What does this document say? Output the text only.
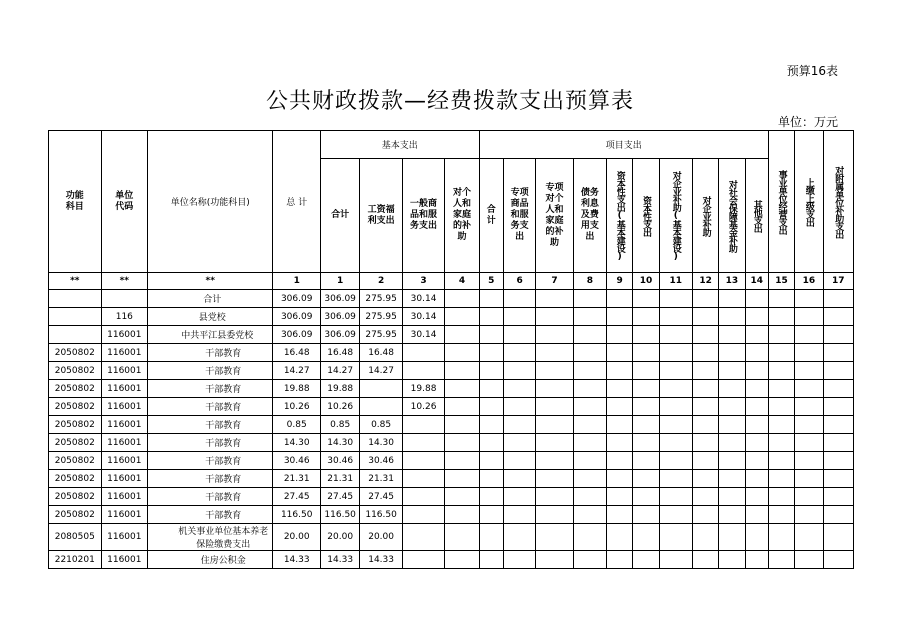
预算16表
公共财政拨款—经费拨款支出预算表
单位：万元
功能科目	单位代码	单位名称(功能科目)	总 计	基本支出				项目支出										事业单位经营支出	上缴上级支出	对附属单位补助支出

				合计	工资福利支出	一般商品和服务支出	对个人和家庭的补助	合计	专项商品和服务支出	专项对个人和家庭的补助	债务利息及费用支出	资本性支出(基本建设)	资本性支出	对企业补助(基本建设)	对企业补助	对社会保障基金补助	其他支出			

**	**	**	1	1	2	3	4	5	6	7	8	9	10	11	12	13	14	15	16	17
		合计	306.09	306.09	275.95	30.14														
	116	县党校	306.09	306.09	275.95	30.14														
	116001	中共平江县委党校	306.09	306.09	275.95	30.14														
2050802	116001	干部教育	16.48	16.48	16.48															
2050802	116001	干部教育	14.27	14.27	14.27															
2050802	116001	干部教育	19.88	19.88		19.88														
2050802	116001	干部教育	10.26	10.26		10.26														
2050802	116001	干部教育	0.85	0.85	0.85															
2050802	116001	干部教育	14.30	14.30	14.30															
2050802	116001	干部教育	30.46	30.46	30.46															
2050802	116001	干部教育	21.31	21.31	21.31															
2050802	116001	干部教育	27.45	27.45	27.45															
2050802	116001	干部教育	116.50	116.50	116.50															
2080505	116001	机关事业单位基本养老保险缴费支出	20.00	20.00	20.00															
2210201	116001	住房公积金	14.33	14.33	14.33															
